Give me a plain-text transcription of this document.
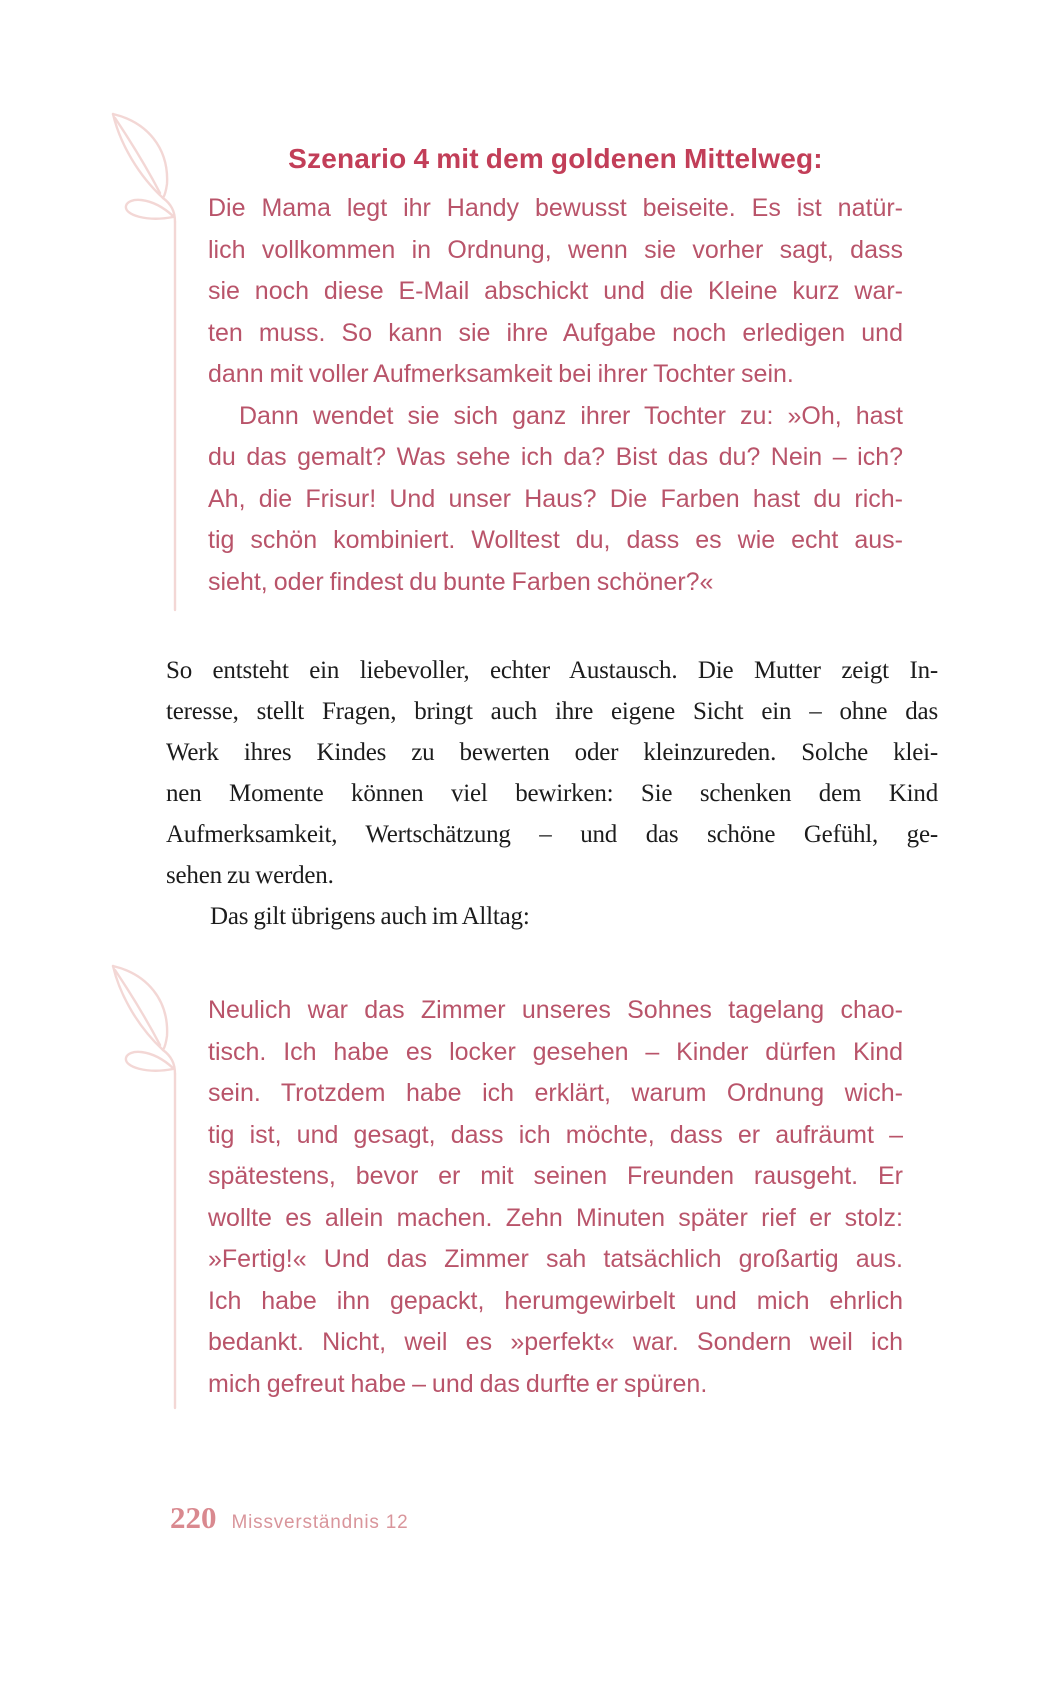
Szenario 4 mit dem goldenen Mittelweg:
Die Mama legt ihr Handy bewusst beiseite. Es ist natür-
lich vollkommen in Ordnung, wenn sie vorher sagt, dass
sie noch diese E-Mail abschickt und die Kleine kurz war-
ten muss. So kann sie ihre Aufgabe noch erledigen und
dann mit voller Aufmerksamkeit bei ihrer Tochter sein.
Dann wendet sie sich ganz ihrer Tochter zu: »Oh, hast
du das gemalt? Was sehe ich da? Bist das du? Nein – ich?
Ah, die Frisur! Und unser Haus? Die Farben hast du rich-
tig schön kombiniert. Wolltest du, dass es wie echt aus-
sieht, oder findest du bunte Farben schöner?«
So entsteht ein liebevoller, echter Austausch. Die Mutter zeigt In-
teresse, stellt Fragen, bringt auch ihre eigene Sicht ein – ohne das
Werk ihres Kindes zu bewerten oder kleinzureden. Solche klei-
nen Momente können viel bewirken: Sie schenken dem Kind
Aufmerksamkeit, Wertschätzung – und das schöne Gefühl, ge-
sehen zu werden.
Das gilt übrigens auch im Alltag:
Neulich war das Zimmer unseres Sohnes tagelang chao-
tisch. Ich habe es locker gesehen – Kinder dürfen Kind
sein. Trotzdem habe ich erklärt, warum Ordnung wich-
tig ist, und gesagt, dass ich möchte, dass er aufräumt –
spätestens, bevor er mit seinen Freunden rausgeht. Er
wollte es allein machen. Zehn Minuten später rief er stolz:
»Fertig!« Und das Zimmer sah tatsächlich großartig aus.
Ich habe ihn gepackt, herumgewirbelt und mich ehrlich
bedankt. Nicht, weil es »perfekt« war. Sondern weil ich
mich gefreut habe – und das durfte er spüren.
220 Missverständnis 12
